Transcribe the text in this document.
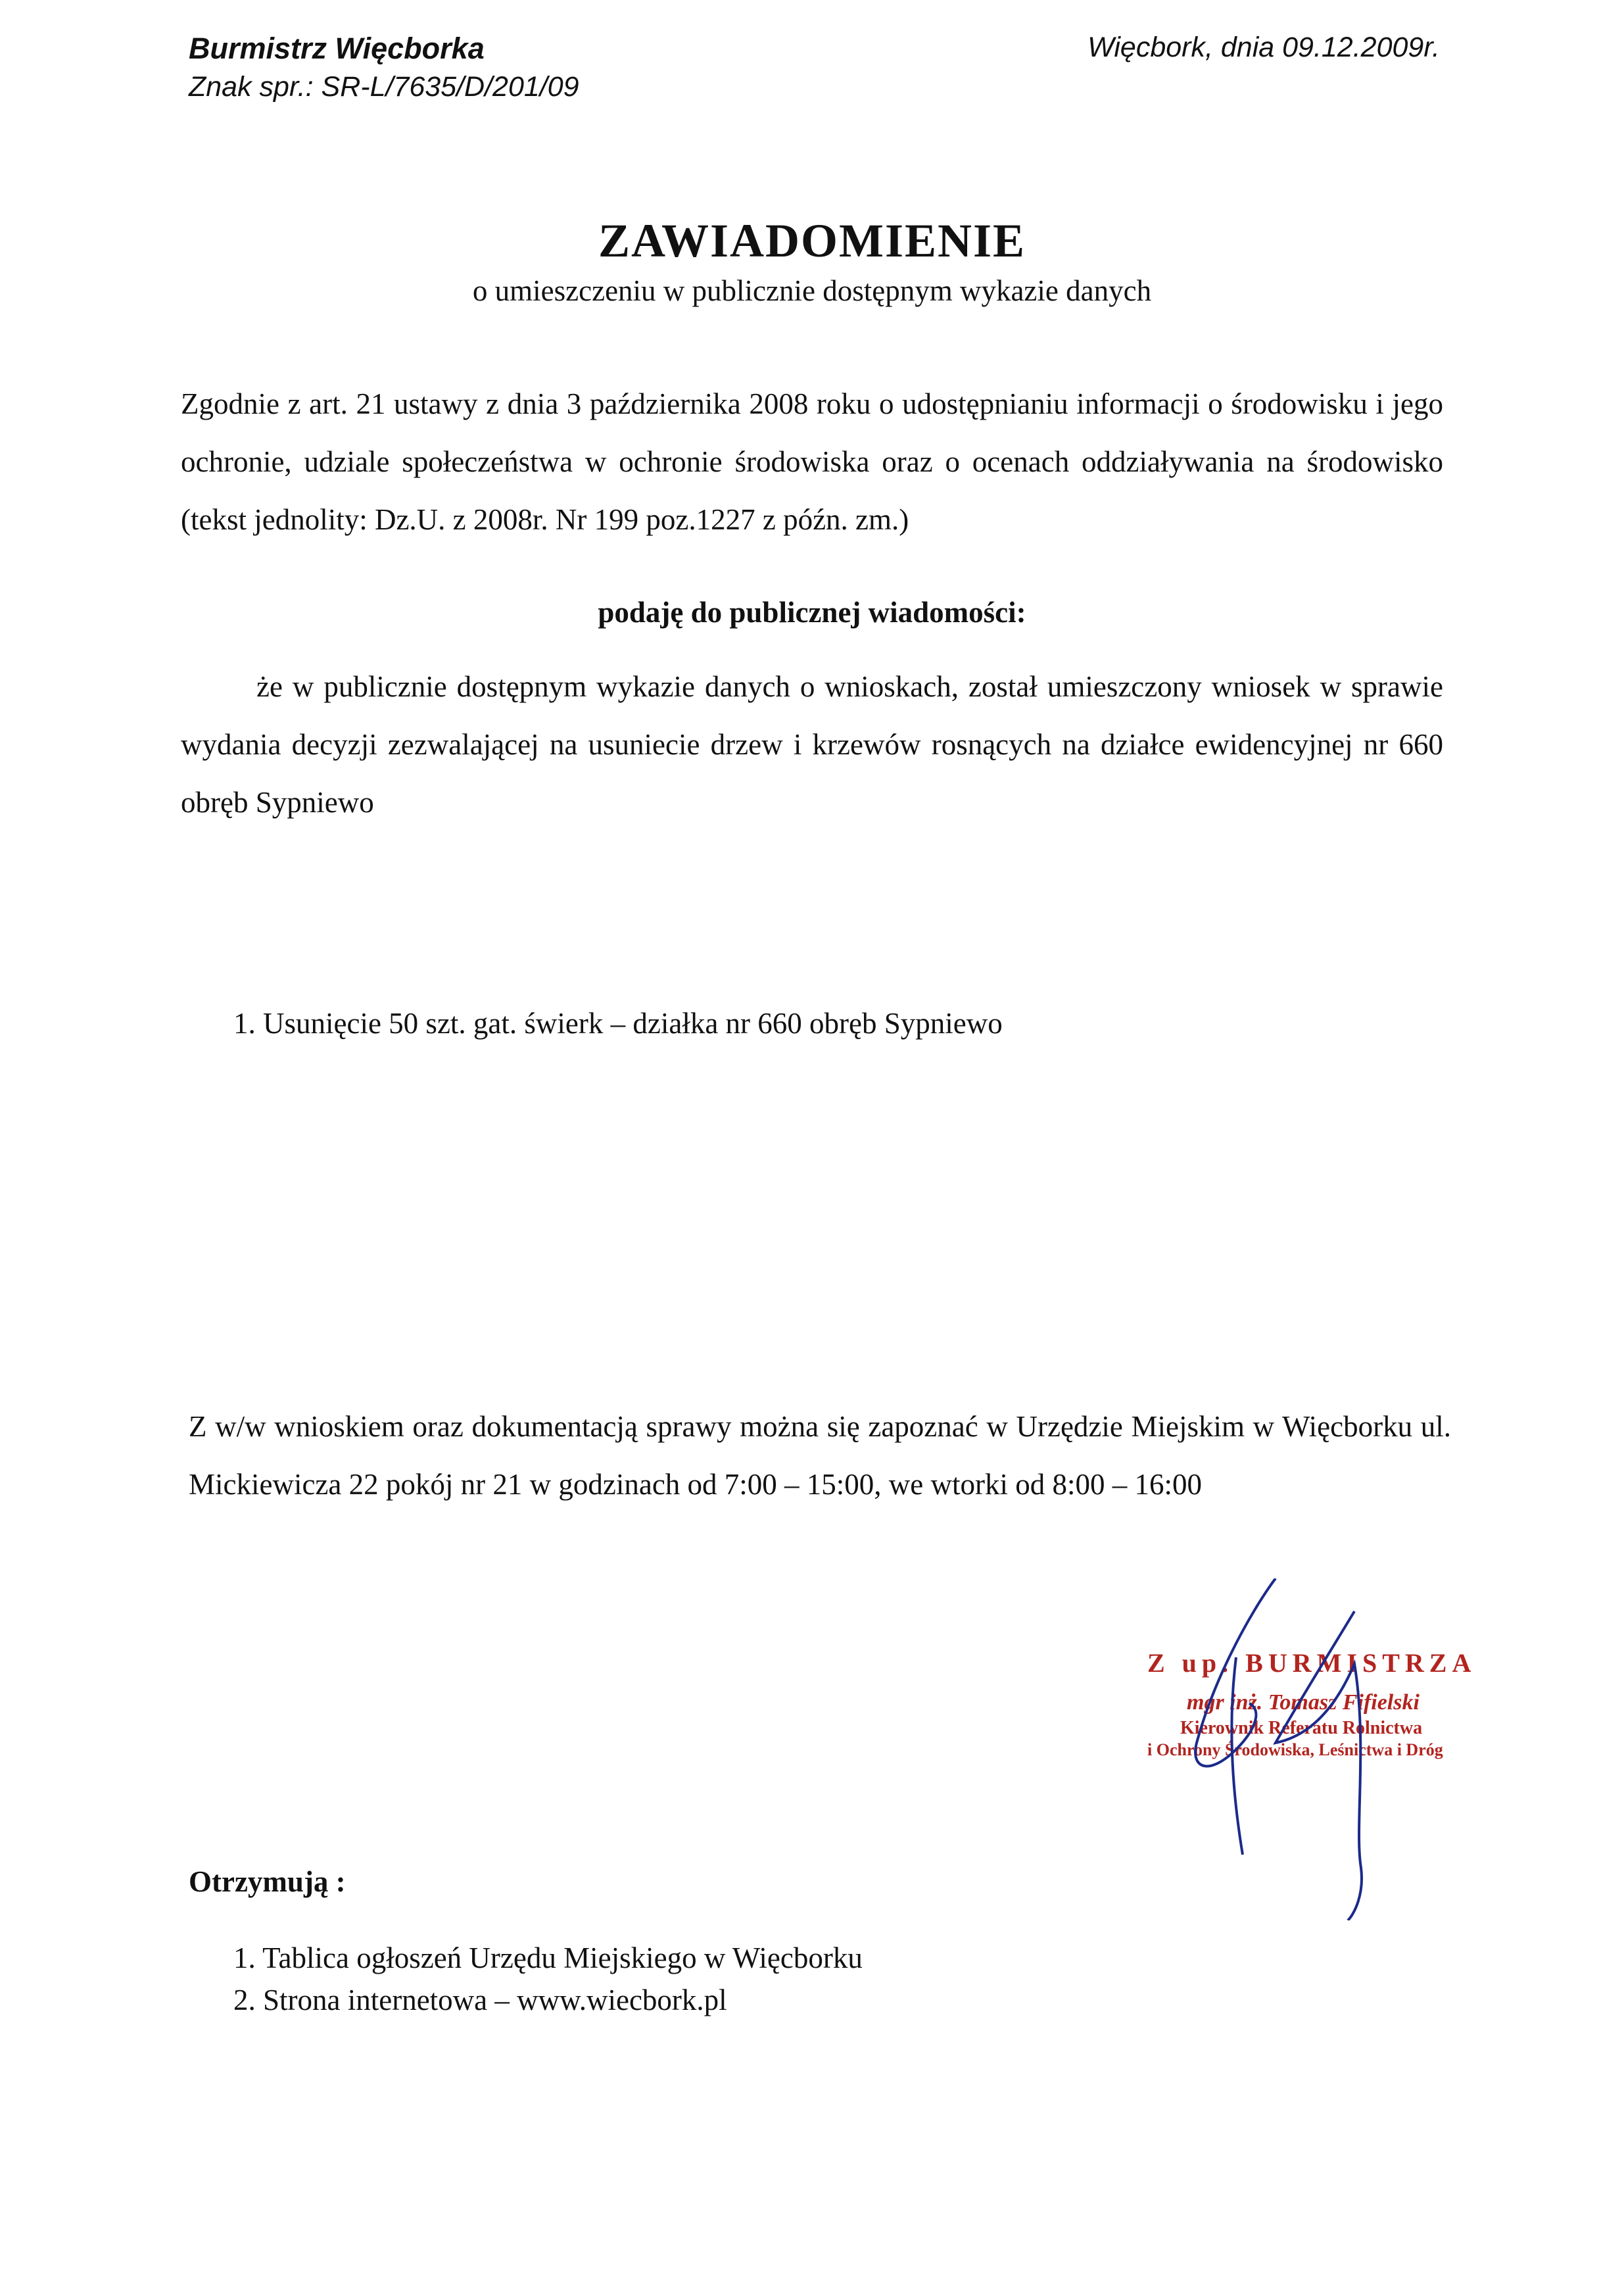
Burmistrz Więcborka
Znak spr.: SR-L/7635/D/201/09
Więcbork, dnia 09.12.2009r.
ZAWIADOMIENIE
o umieszczeniu w publicznie dostępnym wykazie danych
Zgodnie z art. 21 ustawy z dnia 3 października 2008 roku o udostępnianiu informacji o środowisku i jego ochronie, udziale społeczeństwa w ochronie środowiska oraz o ocenach oddziaływania na środowisko (tekst jednolity: Dz.U. z 2008r. Nr 199 poz.1227 z późn. zm.)
podaję do publicznej wiadomości:
że w publicznie dostępnym wykazie danych o wnioskach, został umieszczony wniosek w sprawie wydania decyzji zezwalającej na usuniecie drzew i krzewów rosnących na działce ewidencyjnej nr 660 obręb Sypniewo
1. Usunięcie 50 szt. gat. świerk – działka nr 660 obręb Sypniewo
Z w/w wnioskiem oraz dokumentacją sprawy można się zapoznać w Urzędzie Miejskim w Więcborku ul. Mickiewicza 22 pokój nr 21 w godzinach od 7:00 – 15:00, we wtorki od 8:00 – 16:00
Z up. BURMISTRZA
mgr inż. Tomasz Fifielski
Kierownik Referatu Rolnictwa
i Ochrony Środowiska, Leśnictwa i Dróg
Otrzymują :
1. Tablica ogłoszeń Urzędu Miejskiego w Więcborku
2. Strona internetowa – www.wiecbork.pl
